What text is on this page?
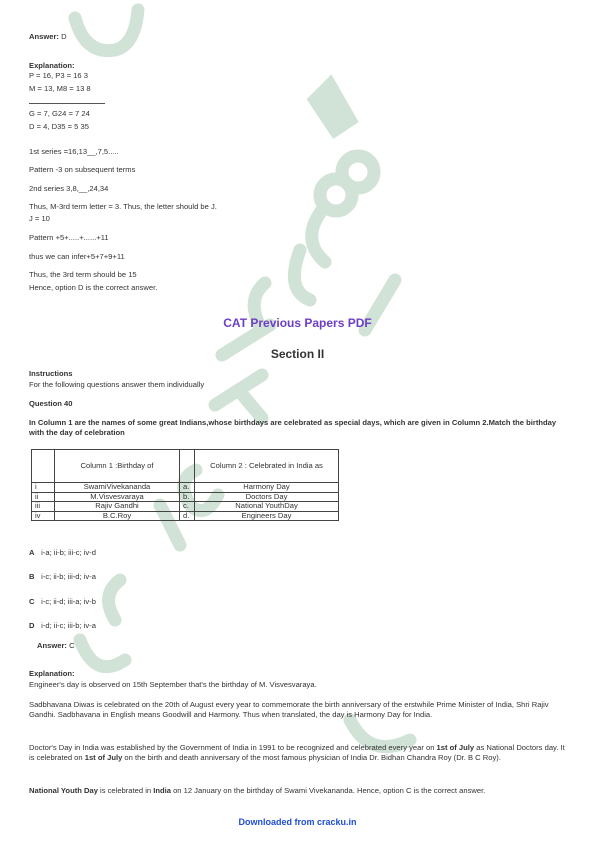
Answer: D
Explanation:
P = 16, P3 = 16 3
M = 13, M8 = 13 8
G = 7, G24 = 7 24
D = 4, D35 = 5 35
1st series =16,13__,7,5.....
Pattern -3 on subsequent terms
2nd series 3,8,__,24,34
Thus, M-3rd term letter = 3. Thus, the letter should be J.
J = 10
Pattern +5+.....+......+11
thus we can infer+5+7+9+11
Thus, the 3rd term should be 15
Hence, option D is the correct answer.
CAT Previous Papers PDF
Section II
Instructions
For the following questions answer them individually
Question 40
In Column 1 are the names of some great Indians,whose birthdays are celebrated as special days, which are given in Column 2.Match the birthday with the day of celebration
	Column 1 :Birthday of		Column 2 : Celebrated in India as
i	SwamiVivekananda	a.	Harmony Day
ii	M.Visvesvaraya	b.	Doctors Day
iii	Rajiv Gandhi	c.	National YouthDay
iv	B.C.Roy	d.	Engineers Day
A i-a; ii-b; iii-c; iv-d
B i-c; ii-b; iii-d; iv-a
C i-c; ii-d; iii-a; iv-b
D i-d; ii-c; iii-b; iv-a
Answer: C
Explanation:
Engineer's day is observed on 15th September that's the birthday of M. Visvesvaraya.
Sadbhavana Diwas is celebrated on the 20th of August every year to commemorate the birth anniversary of the erstwhile Prime Minister of India, Shri Rajiv Gandhi. Sadbhavana in English means Goodwill and Harmony. Thus when translated, the day is Harmony Day for India.
Doctor's Day in India was established by the Government of India in 1991 to be recognized and celebrated every year on 1st of July as National Doctors day. It is celebrated on 1st of July on the birth and death anniversary of the most famous physician of India Dr. Bidhan Chandra Roy (Dr. B C Roy).
National Youth Day is celebrated in India on 12 January on the birthday of Swami Vivekananda. Hence, option C is the correct answer.
Downloaded from cracku.in
